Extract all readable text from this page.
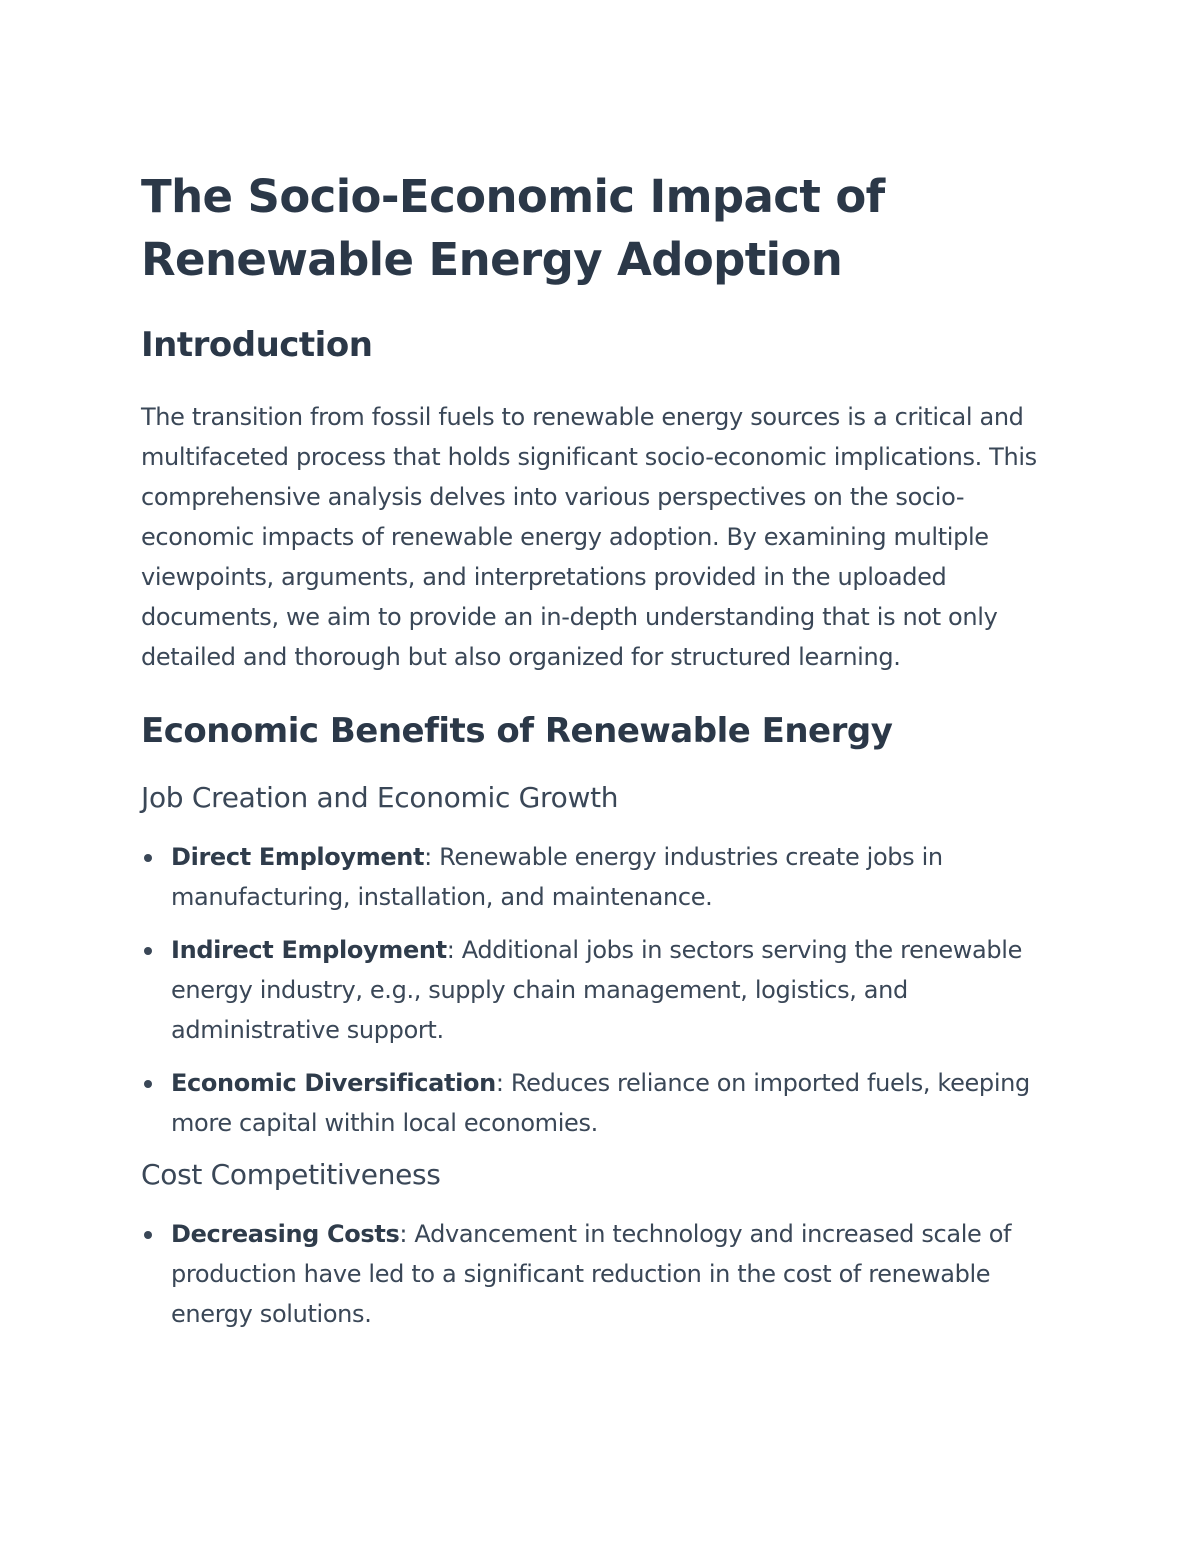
The Socio-Economic Impact of
Renewable Energy Adoption
Introduction

The transition from fossil fuels to renewable energy sources is a critical and multifaceted process that holds significant socio-economic implications. This comprehensive analysis delves into various perspectives on the socio-economic impacts of renewable energy adoption. By examining multiple viewpoints, arguments, and interpretations provided in the uploaded documents, we aim to provide an in-depth understanding that is not only detailed and thorough but also organized for structured learning.

Economic Benefits of Renewable Energy
Job Creation and Economic Growth
Direct Employment: Renewable energy industries create jobs in manufacturing, installation, and maintenance.
Indirect Employment: Additional jobs in sectors serving the renewable energy industry, e.g., supply chain management, logistics, and administrative support.
Economic Diversification: Reduces reliance on imported fuels, keeping more capital within local economies.
Cost Competitiveness
Decreasing Costs: Advancement in technology and increased scale of production have led to a significant reduction in the cost of renewable energy solutions.
